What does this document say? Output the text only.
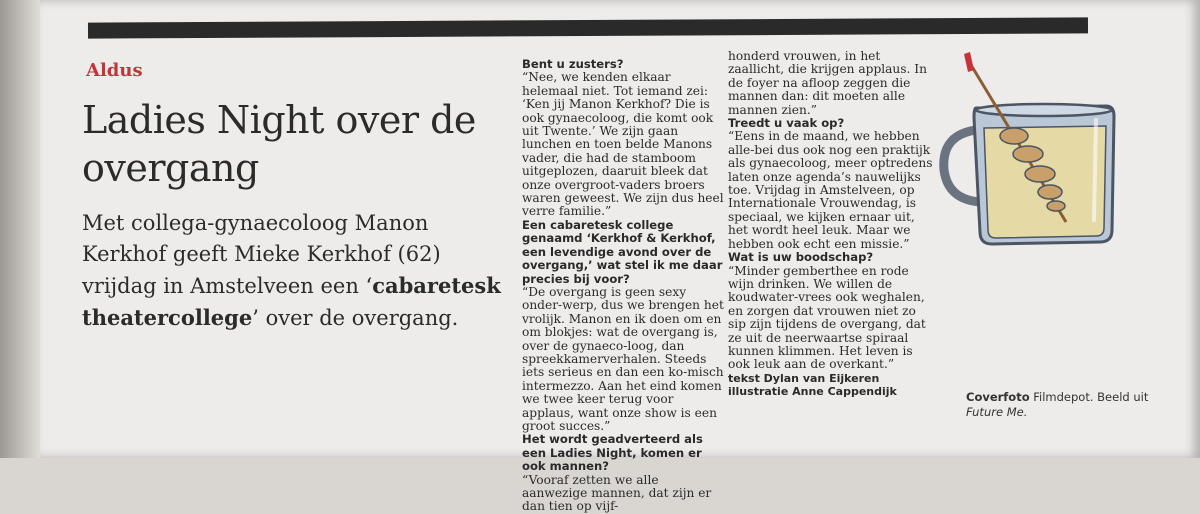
Aldus
Ladies Night over de overgang
Met collega-gynaecoloog Manon Kerkhof geeft Mieke Kerkhof (62) vrijdag in Amstelveen een ‘cabaretesk theatercollege’ over de overgang.
Bent u zusters?

“Nee, we kenden elkaar helemaal niet. Tot iemand zei: ‘Ken jij Manon Kerkhof? Die is ook gynaecoloog, die komt ook uit Twente.’ We zijn gaan lunchen en toen belde Manons vader, die had de stamboom uitgeplozen, daaruit bleek dat onze overgroot-vaders broers waren geweest. We zijn dus heel verre familie.”

Een cabaretesk college genaamd ‘Kerkhof & Kerkhof, een levendige avond over de overgang,’ wat stel ik me daar precies bij voor?

“De overgang is geen sexy onder-werp, dus we brengen het vrolijk. Manon en ik doen om en om blokjes: wat de overgang is, over de gynaeco-loog, dan spreekkamerverhalen. Steeds iets serieus en dan een ko-misch intermezzo. Aan het eind komen we twee keer terug voor applaus, want onze show is een groot succes.”

Het wordt geadverteerd als een Ladies Night, komen er ook mannen?

“Vooraf zetten we alle aanwezige mannen, dat zijn er dan tien op vijf-

honderd vrouwen, in het zaallicht, die krijgen applaus. In de foyer na afloop zeggen die mannen dan: dit moeten alle mannen zien.”

Treedt u vaak op?

“Eens in de maand, we hebben alle-bei dus ook nog een praktijk als gynaecoloog, meer optredens laten onze agenda’s nauwelijks toe. Vrijdag in Amstelveen, op Internationale Vrouwendag, is speciaal, we kijken ernaar uit, het wordt heel leuk. Maar we hebben ook echt een missie.”

Wat is uw boodschap?

“Minder gemberthee en rode wijn drinken. We willen de koudwater-vrees ook weghalen, en zorgen dat vrouwen niet zo sip zijn tijdens de overgang, dat ze uit de neerwaartse spiraal kunnen klimmen. Het leven is ook leuk aan de overkant.”

tekst Dylan van Eijkeren
illustratie Anne Cappendijk	Coverfoto Filmdepot. Beeld uit
Future Me.
